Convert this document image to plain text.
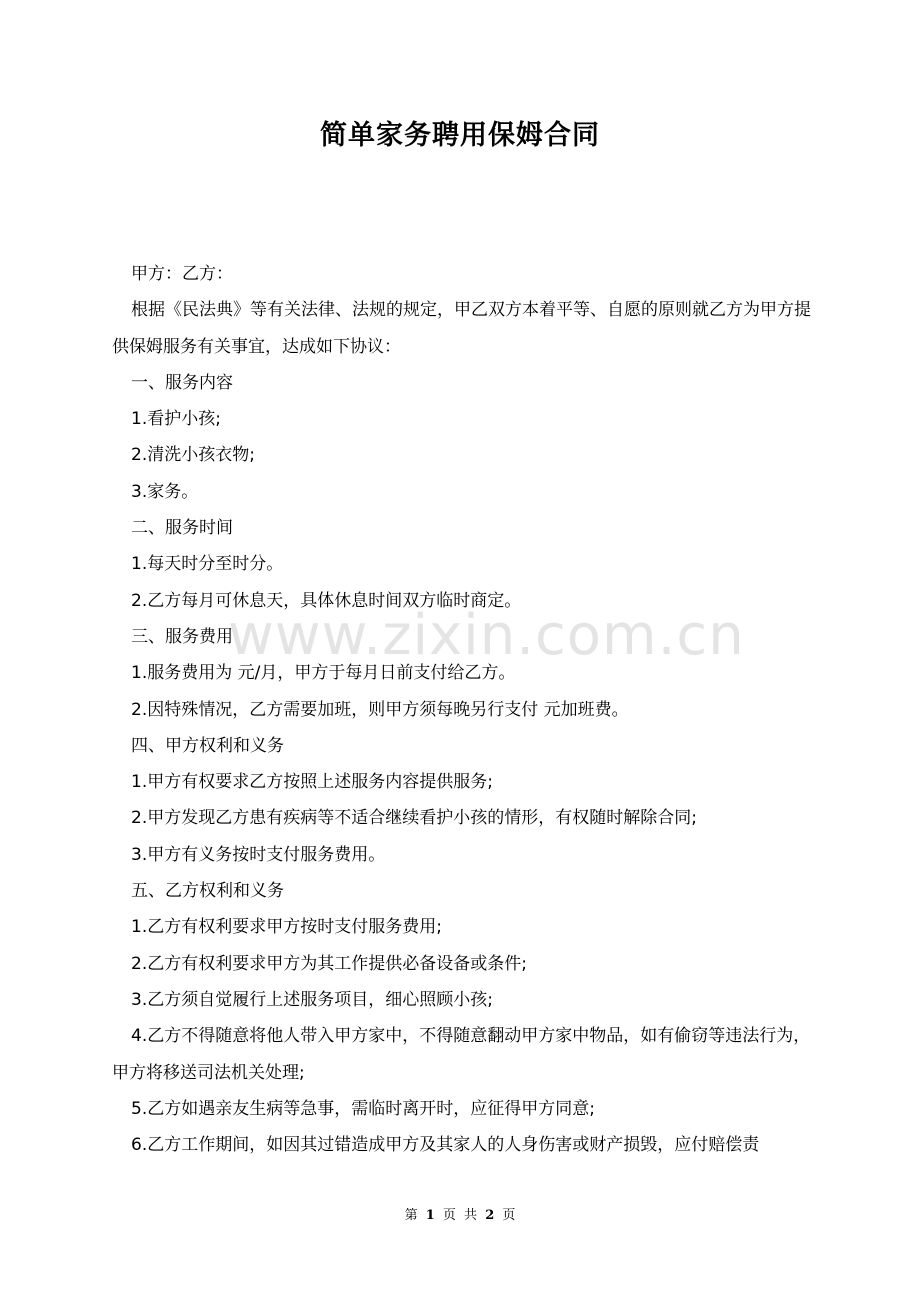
简单家务聘用保姆合同
www.zixin.com.cn

甲方：乙方：

根据《民法典》等有关法律、法规的规定，甲乙双方本着平等、自愿的原则就乙方为甲方提供保姆服务有关事宜，达成如下协议：

一、服务内容

1.看护小孩;

2.清洗小孩衣物;

3.家务。

二、服务时间

1.每天时分至时分。

2.乙方每月可休息天，具体休息时间双方临时商定。

三、服务费用

1.服务费用为 元/月，甲方于每月日前支付给乙方。

2.因特殊情况，乙方需要加班，则甲方须每晚另行支付 元加班费。

四、甲方权利和义务

1.甲方有权要求乙方按照上述服务内容提供服务;

2.甲方发现乙方患有疾病等不适合继续看护小孩的情形，有权随时解除合同;

3.甲方有义务按时支付服务费用。

五、乙方权利和义务

1.乙方有权利要求甲方按时支付服务费用;

2.乙方有权利要求甲方为其工作提供必备设备或条件;

3.乙方须自觉履行上述服务项目，细心照顾小孩;

4.乙方不得随意将他人带入甲方家中，不得随意翻动甲方家中物品，如有偷窃等违法行为，甲方将移送司法机关处理;

5.乙方如遇亲友生病等急事，需临时离开时，应征得甲方同意;

6.乙方工作期间，如因其过错造成甲方及其家人的人身伤害或财产损毁，应付赔偿责

第 1 页 共 2 页
